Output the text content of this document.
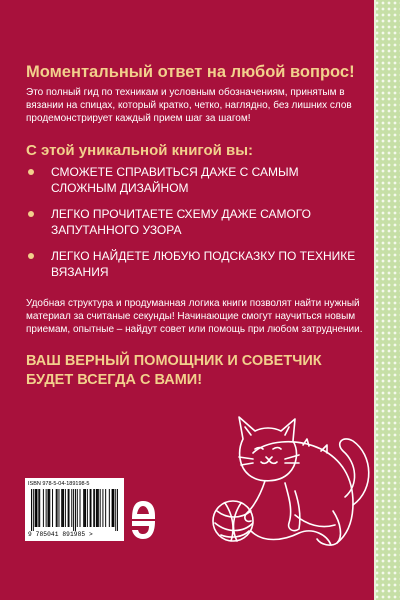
Моментальный ответ на любой вопрос!

Это полный гид по техникам и условным обозначениям, принятым в вязании на спицах, который кратко, четко, наглядно, без лишних слов продемонстрирует каждый прием шаг за шагом!

С этой уникальной книгой вы:
СМОЖЕТЕ СПРАВИТЬСЯ ДАЖЕ С САМЫМ СЛОЖНЫМ ДИЗАЙНОМ
ЛЕГКО ПРОЧИТАЕТЕ СХЕМУ ДАЖЕ САМОГО ЗАПУТАННОГО УЗОРА
ЛЕГКО НАЙДЕТЕ ЛЮБУЮ ПОДСКАЗКУ ПО ТЕХНИКЕ ВЯЗАНИЯ

Удобная структура и продуманная логика книги позволят найти нужный материал за считаные секунды! Начинающие смогут научиться новым приемам, опытные – найдут совет или помощь при любом затруднении.

ВАШ ВЕРНЫЙ ПОМОЩНИК И СОВЕТЧИК БУДЕТ ВСЕГДА С ВАМИ!

ISBN 978-5-04-189198-5
9 785041 891985 >
